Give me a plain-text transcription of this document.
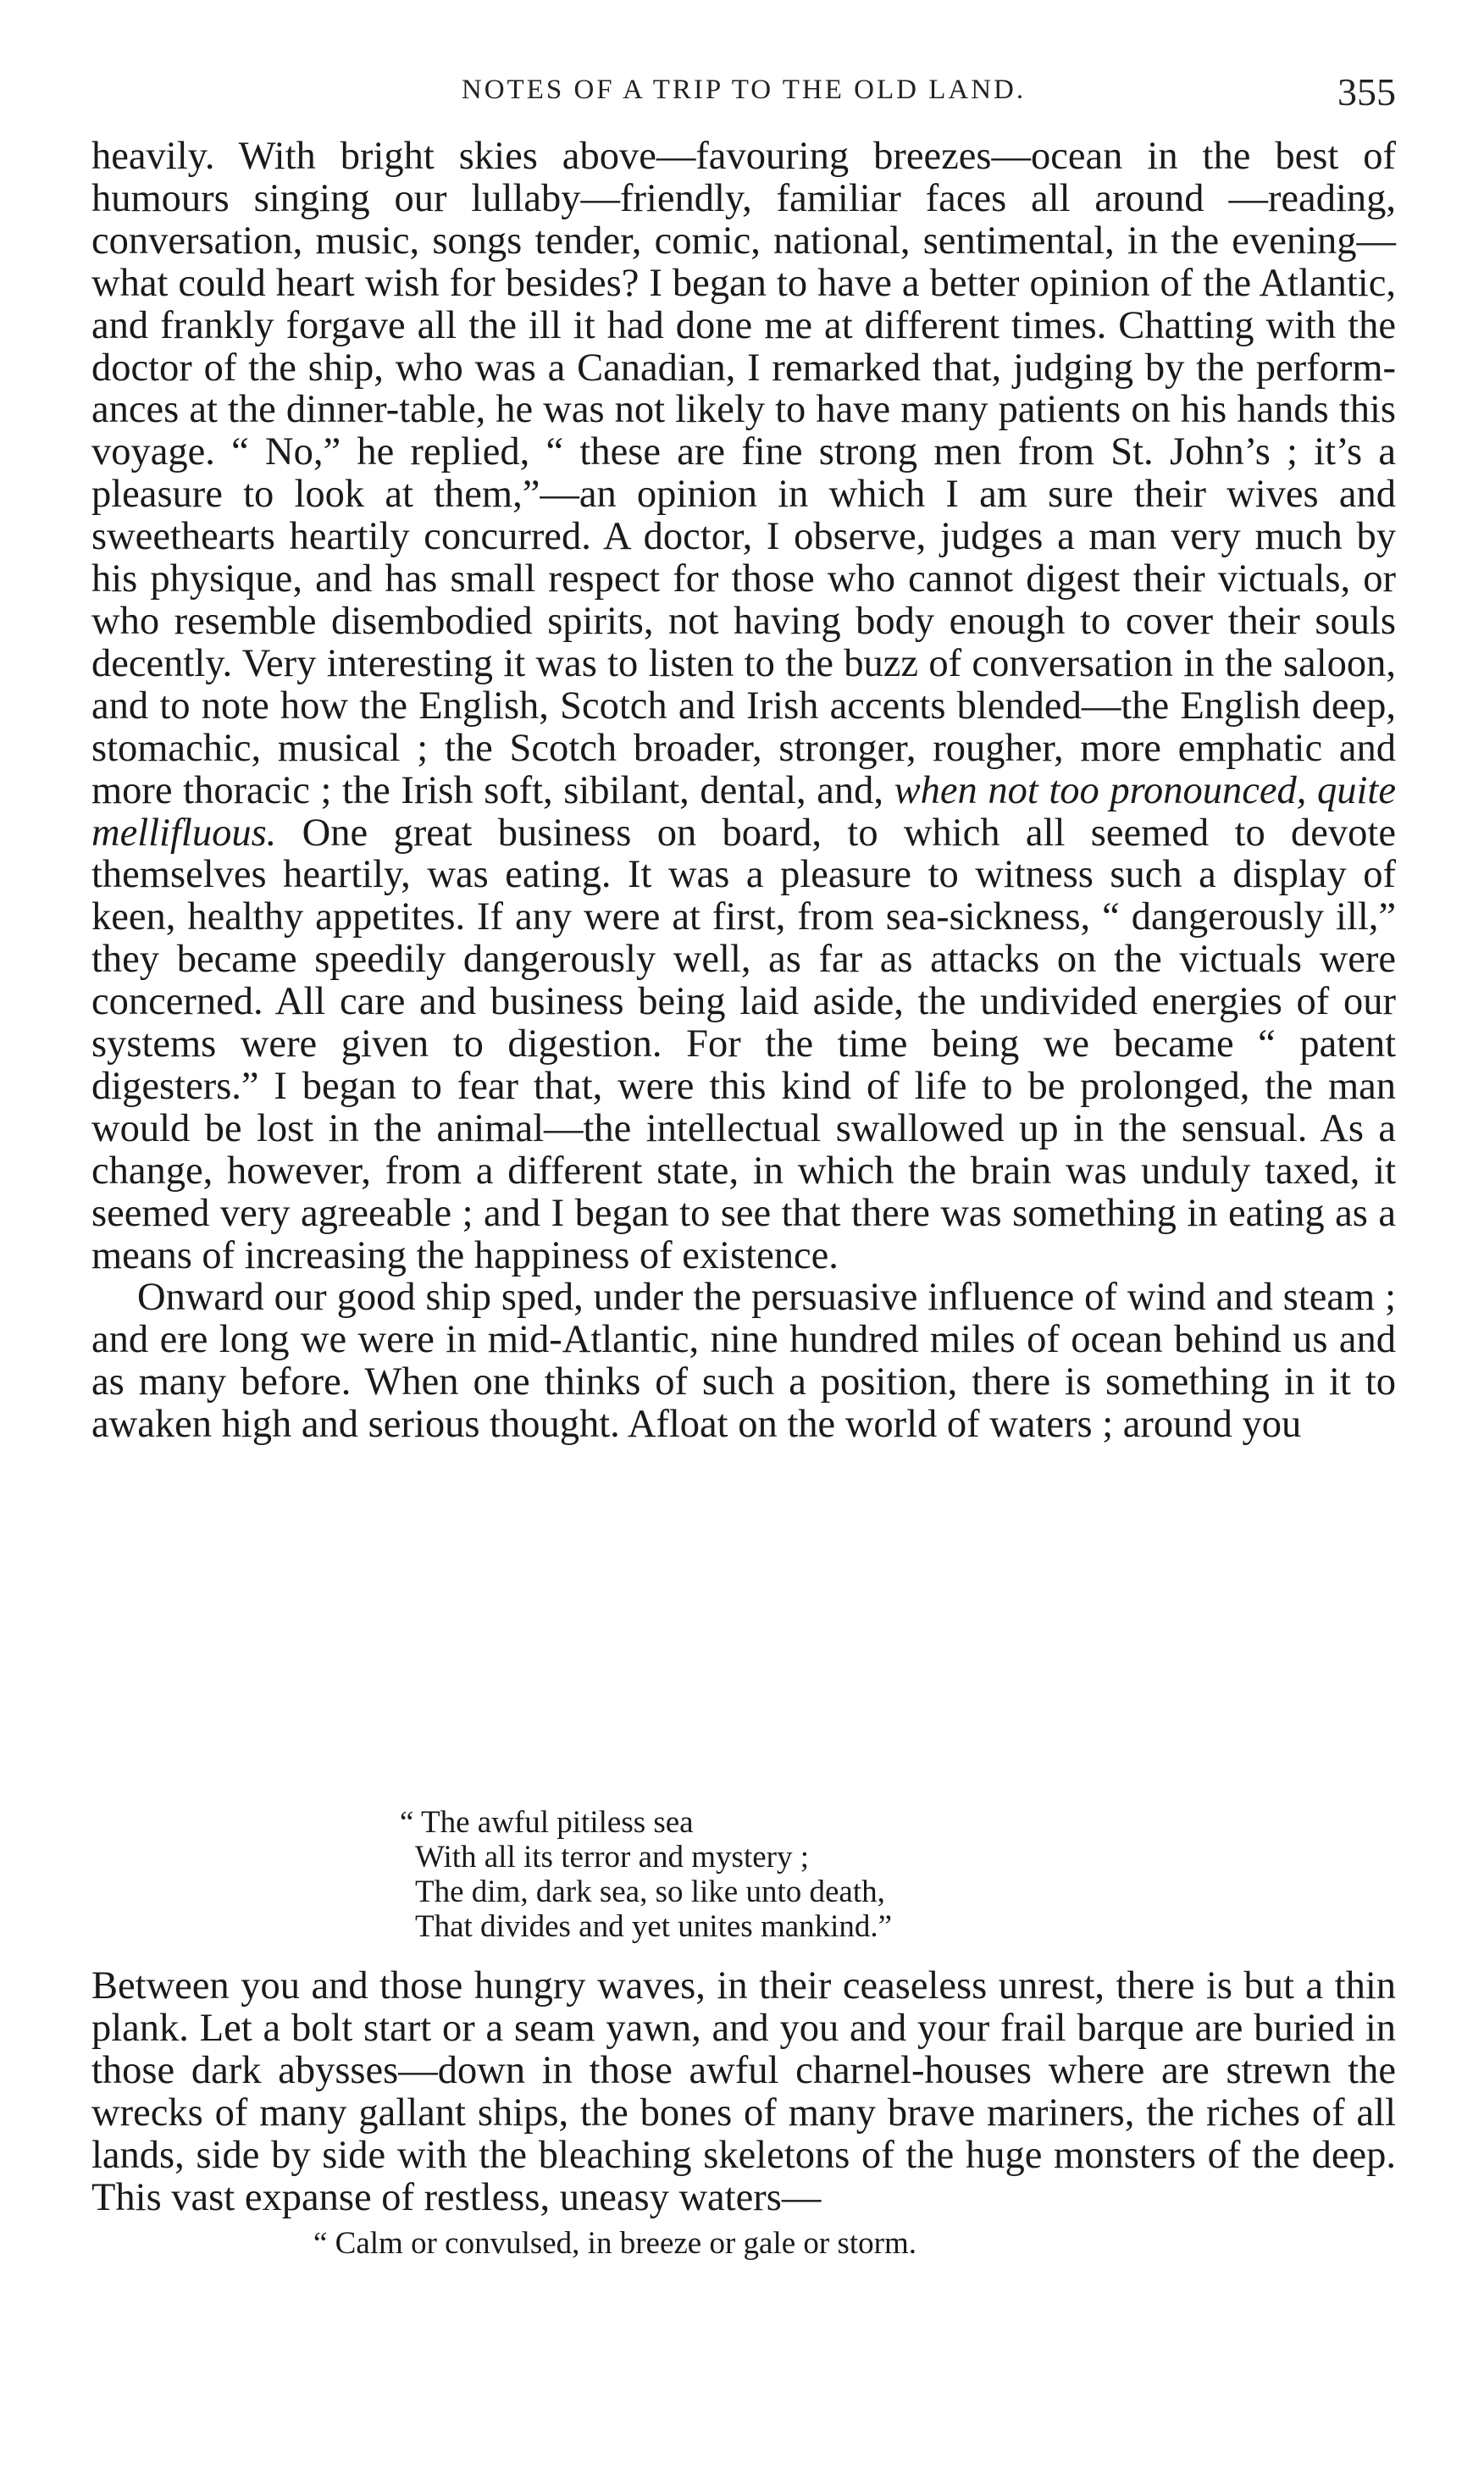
NOTES OF A TRIP TO THE OLD LAND.	355

heavily. With bright skies above—favouring breezes—ocean in the best of humours singing our lullaby—friendly, familiar faces all around —reading, conversation, music, songs tender, comic, national, sentimental, in the evening—what could heart wish for besides? I began to have a better opinion of the Atlantic, and frankly forgave all the ill it had done me at different times. Chatting with the doctor of the ship, who was a Canadian, I remarked that, judging by the performances at the dinner-table, he was not likely to have many patients on his hands this voyage. “ No,” he replied, “ these are fine strong men from St. John’s ; it’s a pleasure to look at them,”—an opinion in which I am sure their wives and sweethearts heartily concurred. A doctor, I observe, judges a man very much by his physique, and has small respect for those who cannot digest their victuals, or who resemble disembodied spirits, not having body enough to cover their souls decently. Very interesting it was to listen to the buzz of conversation in the saloon, and to note how the English, Scotch and Irish accents blended—the English deep, stomachic, musical ; the Scotch broader, stronger, rougher, more emphatic and more thoracic ; the Irish soft, sibilant, dental, and, when not too pronounced, quite mellifluous. One great business on board, to which all seemed to devote themselves heartily, was eating. It was a pleasure to witness such a display of keen, healthy appetites. If any were at first, from sea-sickness, “ dangerously ill,” they became speedily dangerously well, as far as attacks on the victuals were concerned. All care and business being laid aside, the undivided energies of our systems were given to digestion. For the time being we became “ patent digesters.” I began to fear that, were this kind of life to be prolonged, the man would be lost in the animal—the intellectual swallowed up in the sensual. As a change, however, from a different state, in which the brain was unduly taxed, it seemed very agreeable ; and I began to see that there was something in eating as a means of increasing the happiness of existence.

Onward our good ship sped, under the persuasive influence of wind and steam ; and ere long we were in mid-Atlantic, nine hundred miles of ocean behind us and as many before. When one thinks of such a position, there is something in it to awaken high and serious thought. Afloat on the world of waters ; around you

“ The awful pitiless sea
With all its terror and mystery ;
The dim, dark sea, so like unto death,
That divides and yet unites mankind.”

Between you and those hungry waves, in their ceaseless unrest, there is but a thin plank. Let a bolt start or a seam yawn, and you and your frail barque are buried in those dark abysses—down in those awful charnel-houses where are strewn the wrecks of many gallant ships, the bones of many brave mariners, the riches of all lands, side by side with the bleaching skeletons of the huge monsters of the deep. This vast expanse of restless, uneasy waters—

“ Calm or convulsed, in breeze or gale or storm.
